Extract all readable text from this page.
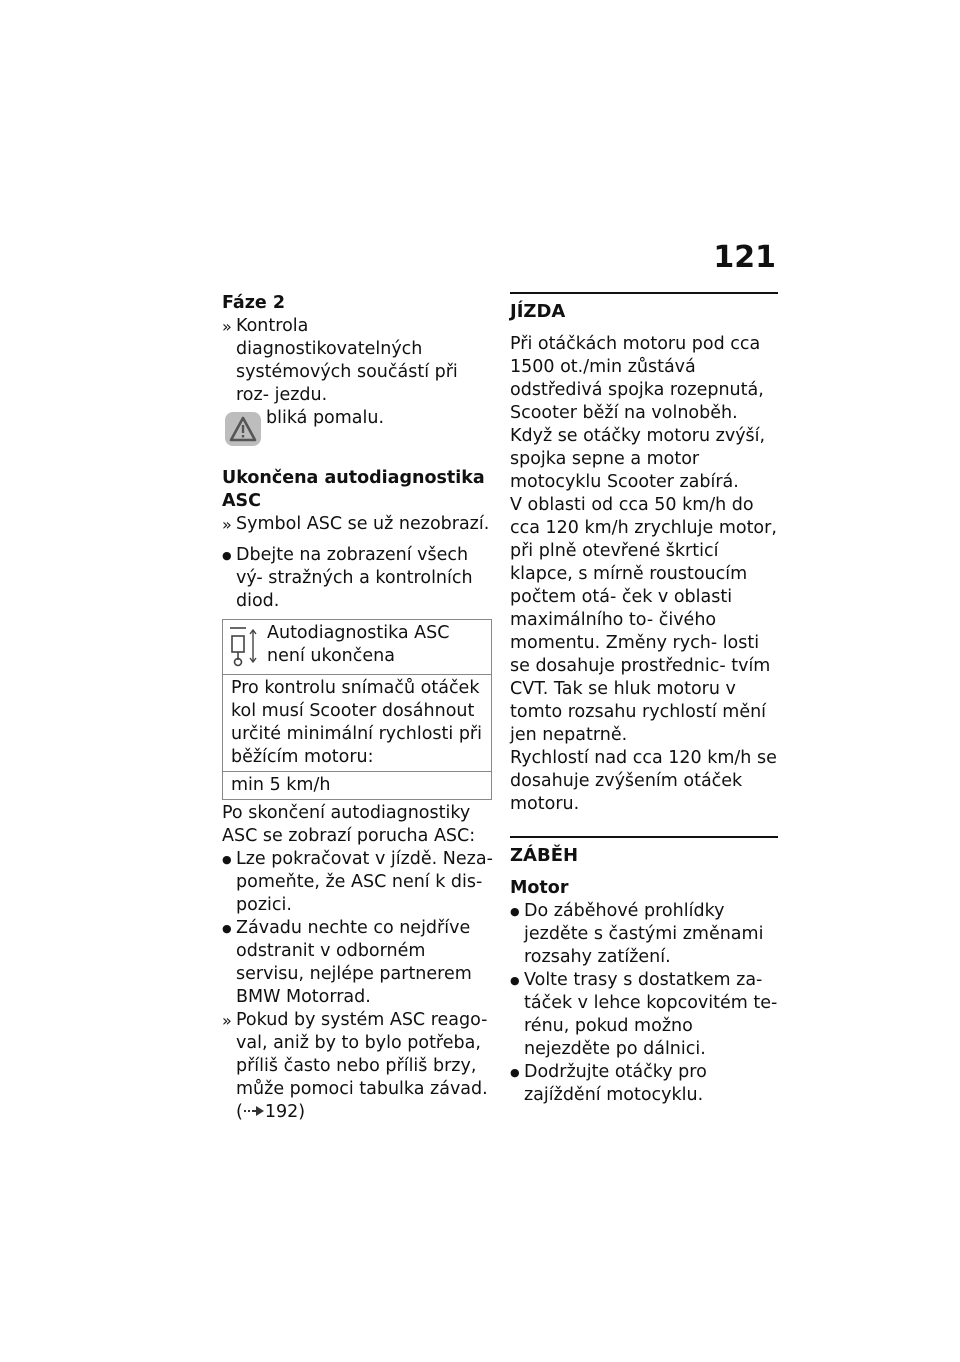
121
Fáze 2
» Kontrola diagnostikovatelných systémových součástí při roz- jezdu.
bliká pomalu.
Ukončena autodiagnostika
ASC
» Symbol ASC se už nezobrazí.
● Dbejte na zobrazení všech vý- stražných a kontrolních diod.
Autodiagnostika ASC
není ukončena

Pro kontrolu snímačů otáček kol musí Scooter dosáhnout určité minimální rychlosti při běžícím motoru:
min 5 km/h
Po skončení autodiagnostiky
ASC se zobrazí porucha ASC:
● Lze pokračovat v jízdě. Neza- pomeňte, že ASC není k dis- pozici.
● Závadu nechte co nejdříve odstranit v odborném servisu, nejlépe partnerem BMW Motorrad.
» Pokud by systém ASC reago- val, aniž by to bylo potřeba, příliš často nebo příliš brzy, může pomoci tabulka závad.
( 192)
JÍZDA
Při otáčkách motoru pod cca 1500 ot./min zůstává odstředivá spojka rozepnutá, Scooter běží na volnoběh. Když se otáčky motoru zvýší, spojka sepne a motor motocyklu Scooter zabírá.
V oblasti od cca 50 km/h do cca 120 km/h zrychluje motor, při plně otevřené škrticí klapce, s mírně roustoucím počtem otá- ček v oblasti maximálního to- čivého momentu. Změny rych- losti se dosahuje prostřednic- tvím CVT. Tak se hluk motoru v tomto rozsahu rychlostí mění jen nepatrně.
Rychlostí nad cca 120 km/h se dosahuje zvýšením otáček motoru.
ZÁBĚH
Motor
● Do záběhové prohlídky jezděte s častými změnami rozsahy zatížení.
● Volte trasy s dostatkem za- táček v lehce kopcovitém te- rénu, pokud možno nejezděte po dálnici.
● Dodržujte otáčky pro zajíždění motocyklu.
